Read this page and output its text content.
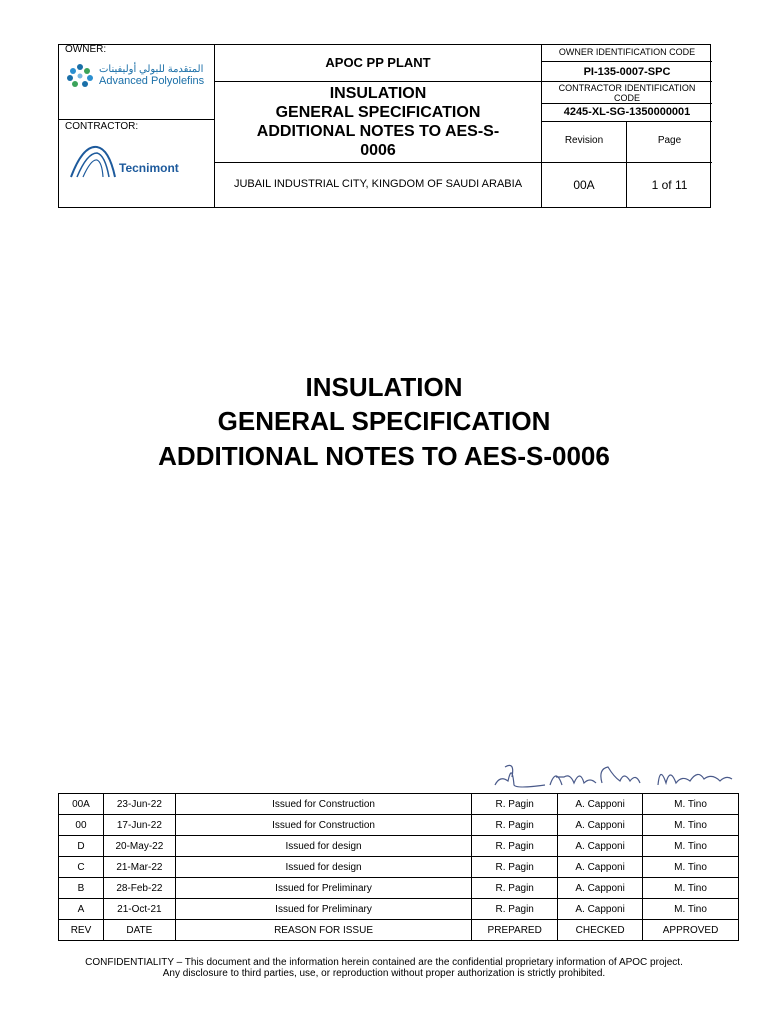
OWNER:
المتقدمة للبولي أوليفينات
Advanced Polyolefins
CONTRACTOR:
Tecnimont
APOC PP PLANT
INSULATION
GENERAL SPECIFICATION
ADDITIONAL NOTES TO AES-S-
0006
JUBAIL INDUSTRIAL CITY, KINGDOM OF SAUDI ARABIA
OWNER IDENTIFICATION CODE
PI-135-0007-SPC
CONTRACTOR IDENTIFICATION
CODE
4245-XL-SG-1350000001
Revision	Page
00A	1 of 11
INSULATION
GENERAL SPECIFICATION
ADDITIONAL NOTES TO AES-S-0006
00A	23-Jun-22	Issued for Construction	R. Pagin	A. Capponi	M. Tino
00	17-Jun-22	Issued for Construction	R. Pagin	A. Capponi	M. Tino
D	20-May-22	Issued for design	R. Pagin	A. Capponi	M. Tino
C	21-Mar-22	Issued for design	R. Pagin	A. Capponi	M. Tino
B	28-Feb-22	Issued for Preliminary	R. Pagin	A. Capponi	M. Tino
A	21-Oct-21	Issued for Preliminary	R. Pagin	A. Capponi	M. Tino
REV	DATE	REASON FOR ISSUE	PREPARED	CHECKED	APPROVED
CONFIDENTIALITY – This document and the information herein contained are the confidential proprietary information of APOC project.
Any disclosure to third parties, use, or reproduction without proper authorization is strictly prohibited.
